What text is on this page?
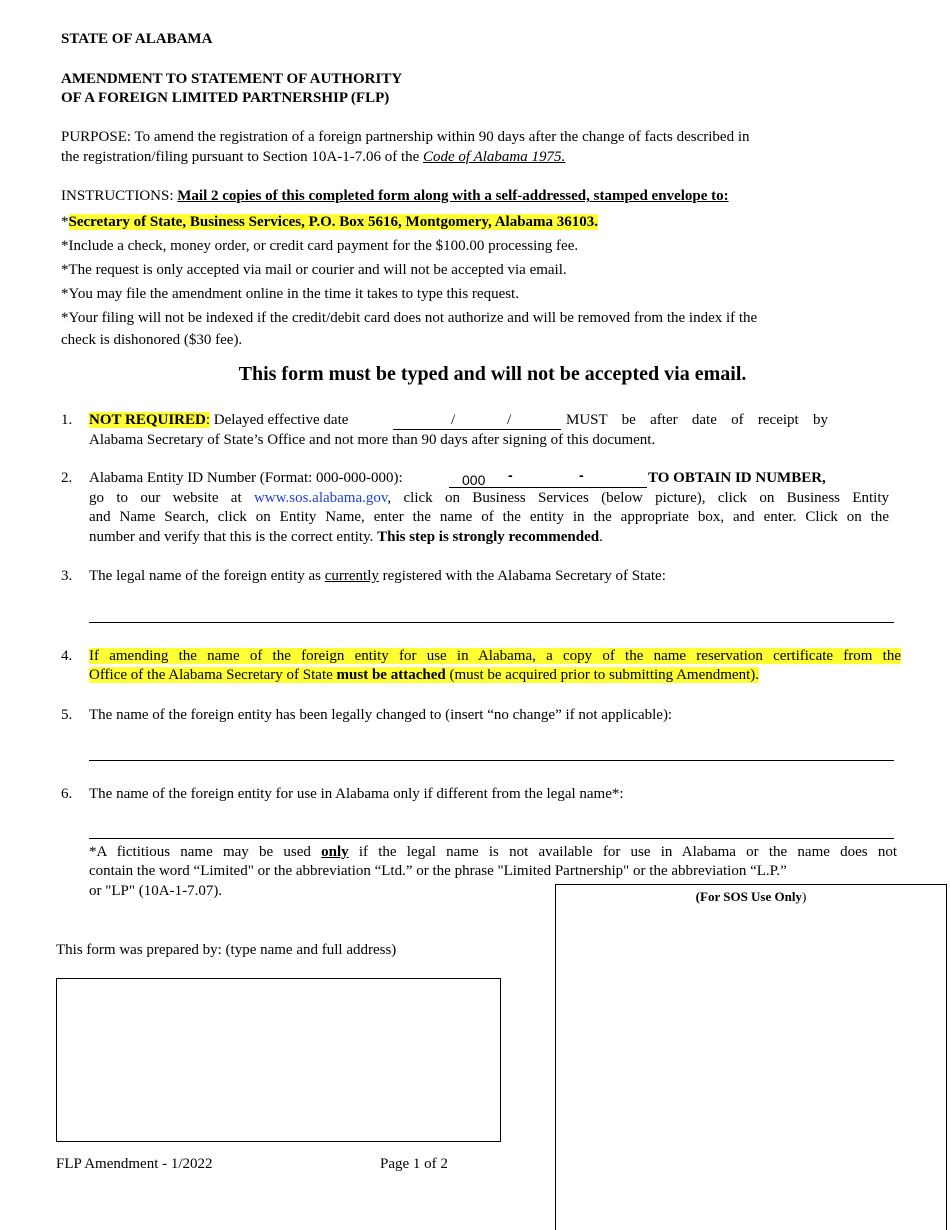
STATE OF ALABAMA
AMENDMENT TO STATEMENT OF AUTHORITY
OF A FOREIGN LIMITED PARTNERSHIP (FLP)
PURPOSE: To amend the registration of a foreign partnership within 90 days after the change of facts described in
the registration/filing pursuant to Section 10A-1-7.06 of the Code of Alabama 1975.
INSTRUCTIONS: Mail 2 copies of this completed form along with a self-addressed, stamped envelope to:
*Secretary of State, Business Services, P.O. Box 5616, Montgomery, Alabama 36103.
*Include a check, money order, or credit card payment for the $100.00 processing fee.
*The request is only accepted via mail or courier and will not be accepted via email.
*You may file the amendment online in the time it takes to type this request.
*Your filing will not be indexed if the credit/debit card does not authorize and will be removed from the index if the
check is dishonored ($30 fee).
This form must be typed and will not be accepted via email.
1.	NOT REQUIRED: Delayed effective date	/	/	MUST be after date of receipt by
Alabama Secretary of State’s Office and not more than 90 days after signing of this document.
2.	Alabama Entity ID Number (Format: 000-000-000):	000 -	-	TO OBTAIN ID NUMBER,
go to our website at www.sos.alabama.gov, click on Business Services (below picture), click on Business Entity
and Name Search, click on Entity Name, enter the name of the entity in the appropriate box, and enter. Click on the
number and verify that this is the correct entity. This step is strongly recommended.
3.	The legal name of the foreign entity as currently registered with the Alabama Secretary of State:
4.	If amending the name of the foreign entity for use in Alabama, a copy of the name reservation certificate from the
Office of the Alabama Secretary of State must be attached (must be acquired prior to submitting Amendment).
5.	The name of the foreign entity has been legally changed to (insert “no change” if not applicable):
6.	The name of the foreign entity for use in Alabama only if different from the legal name*:
*A fictitious name may be used only if the legal name is not available for use in Alabama or the name does not
contain the word “Limited" or the abbreviation “Ltd.” or the phrase "Limited Partnership" or the abbreviation “L.P.”
or "LP" (10A-1-7.07).	(For SOS Use Only)
This form was prepared by: (type name and full address)
FLP Amendment - 1/2022	Page 1 of 2
